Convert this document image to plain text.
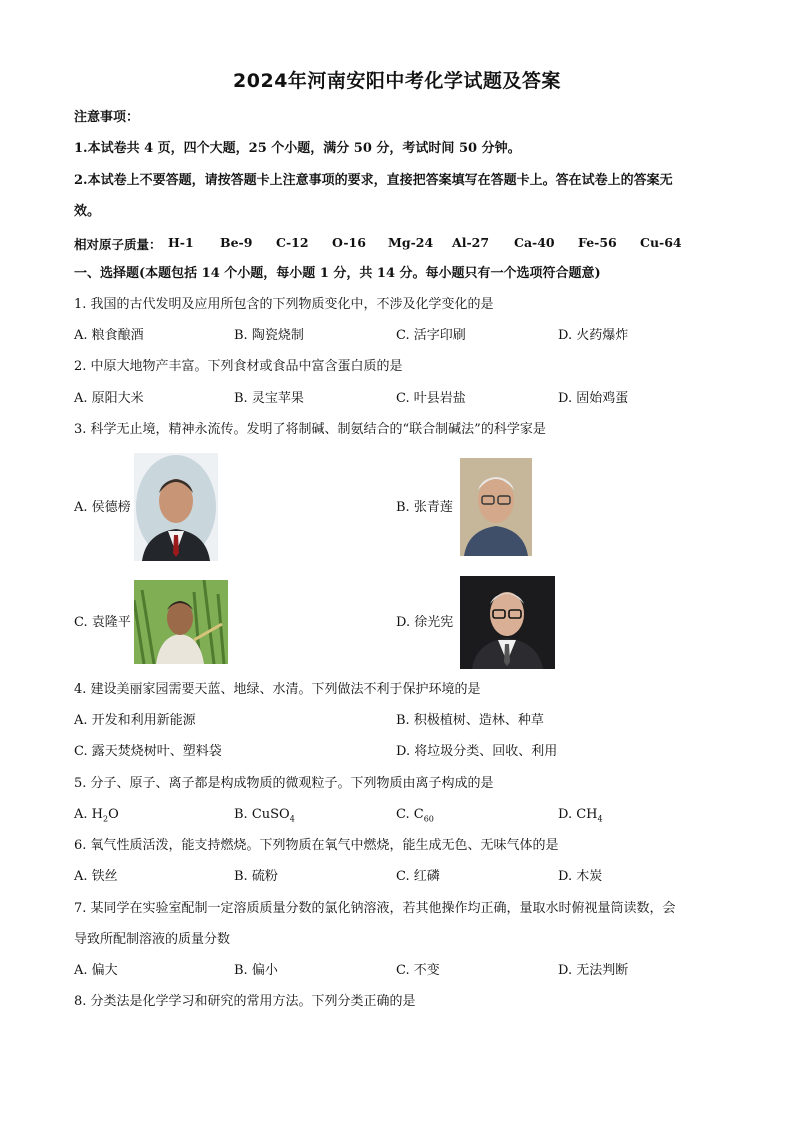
2024年河南安阳中考化学试题及答案
注意事项：
1.本试卷共 4 页，四个大题，25 个小题，满分 50 分，考试时间 50 分钟。
2.本试卷上不要答题，请按答题卡上注意事项的要求，直接把答案填写在答题卡上。答在试卷上的答案无
效。
相对原子质量： H-1 Be-9 C-12 O-16 Mg-24 Al-27 Ca-40 Fe-56 Cu-64
一、选择题(本题包括 14 个小题，每小题 1 分，共 14 分。每小题只有一个选项符合题意)
1. 我国的古代发明及应用所包含的下列物质变化中，不涉及化学变化的是
A. 粮食酿酒	B. 陶瓷烧制	C. 活字印刷	D. 火药爆炸
2. 中原大地物产丰富。下列食材或食品中富含蛋白质的是
A. 原阳大米	B. 灵宝苹果	C. 叶县岩盐	D. 固始鸡蛋
3. 科学无止境，精神永流传。发明了将制碱、制氨结合的“联合制碱法”的科学家是
A. 侯德榜	B. 张青莲
C. 袁隆平	D. 徐光宪
4. 建设美丽家园需要天蓝、地绿、水清。下列做法不利于保护环境的是
A. 开发和利用新能源	B. 积极植树、造林、种草
C. 露天焚烧树叶、塑料袋	D. 将垃圾分类、回收、利用
5. 分子、原子、离子都是构成物质的微观粒子。下列物质由离子构成的是
A. $H_2O$	B. CuSO$_4$	C. $C_{60}$	D. $CH_4$
6. 氧气性质活泼，能支持燃烧。下列物质在氧气中燃烧，能生成无色、无味气体的是
A. 铁丝	B. 硫粉	C. 红磷	D. 木炭
7. 某同学在实验室配制一定溶质质量分数的氯化钠溶液，若其他操作均正确，量取水时俯视量筒读数，会
导致所配制溶液的质量分数
A. 偏大	B. 偏小	C. 不变	D. 无法判断
8. 分类法是化学学习和研究的常用方法。下列分类正确的是
